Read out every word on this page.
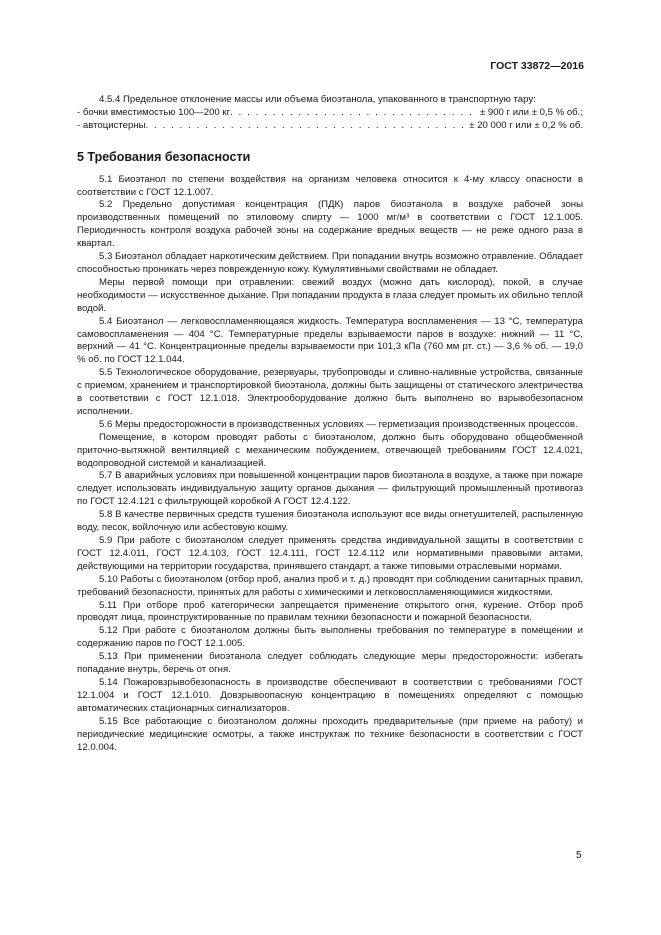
ГОСТ 33872—2016

4.5.4 Предельное отклонение массы или объема биоэтанола, упакованного в транспортную тару:

- бочки вместимостью 100—200 кг . . .	± 900 г или ± 0,5 % об.;
- автоцистерны . . .	± 20 000 г или ± 0,2 % об.
5 Требования безопасности

5.1 Биоэтанол по степени воздействия на организм человека относится к 4-му классу опасности в соответствии с ГОСТ 12.1.007.

5.2 Предельно допустимая концентрация (ПДК) паров биоэтанола в воздухе рабочей зоны производственных помещений по этиловому спирту — 1000 мг/м³ в соответствии с ГОСТ 12.1.005. Периодичность контроля воздуха рабочей зоны на содержание вредных веществ — не реже одного раза в квартал.

5.3 Биоэтанол обладает наркотическим действием. При попадании внутрь возможно отравление. Обладает способностью проникать через поврежденную кожу. Кумулятивными свойствами не обладает.

Меры первой помощи при отравлении: свежий воздух (можно дать кислород), покой, в случае необходимости — искусственное дыхание. При попадании продукта в глаза следует промыть их обильно теплой водой.

5.4 Биоэтанол — легковоспламеняющаяся жидкость. Температура воспламенения — 13 °С, температура самовоспламенения — 404 °С. Температурные пределы взрываемости паров в воздухе: нижний — 11 °С, верхний — 41 °С. Концентрационные пределы взрываемости при 101,3 кПа (760 мм рт. ст.) — 3,6 % об. — 19,0 % об. по ГОСТ 12.1.044.

5.5 Технологическое оборудование, резервуары, трубопроводы и сливно-наливные устройства, связанные с приемом, хранением и транспортировкой биоэтанола, должны быть защищены от статического электричества в соответствии с ГОСТ 12.1.018. Электрооборудование должно быть выполнено во взрывобезопасном исполнении.

5.6 Меры предосторожности в производственных условиях — герметизация производственных процессов.

Помещение, в котором проводят работы с биоэтанолом, должно быть оборудовано общеобменной приточно-вытяжной вентиляцией с механическим побуждением, отвечающей требованиям ГОСТ 12.4.021, водопроводной системой и канализацией.

5.7 В аварийных условиях при повышенной концентрации паров биоэтанола в воздухе, а также при пожаре следует использовать индивидуальную защиту органов дыхания — фильтрующий промышленный противогаз по ГОСТ 12.4.121 с фильтрующей коробкой А ГОСТ 12.4.122.

5.8 В качестве первичных средств тушения биоэтанола используют все виды огнетушителей, распыленную воду, песок, войлочную или асбестовую кошму.

5.9 При работе с биоэтанолом следует применять средства индивидуальной защиты в соответствии с ГОСТ 12.4.011, ГОСТ 12.4.103, ГОСТ 12.4.111, ГОСТ 12.4.112 или нормативными правовыми актами, действующими на территории государства, принявшего стандарт, а также типовыми отраслевыми нормами.

5.10 Работы с биоэтанолом (отбор проб, анализ проб и т. д.) проводят при соблюдении санитарных правил, требований безопасности, принятых для работы с химическими и легковоспламеняющимися жидкостями.

5.11 При отборе проб категорически запрещается применение открытого огня, курение. Отбор проб проводят лица, проинструктированные по правилам техники безопасности и пожарной безопасности.

5.12 При работе с биоэтанолом должны быть выполнены требования по температуре в помещении и содержанию паров по ГОСТ 12.1.005.

5.13 При применении биоэтанола следует соблюдать следующие меры предосторожности: избегать попадание внутрь, беречь от огня.

5.14 Пожаровзрывобезопасность в производстве обеспечивают в соответствии с требованиями ГОСТ 12.1.004 и ГОСТ 12.1.010. Довзрывоопасную концентрацию в помещениях определяют с помощью автоматических стационарных сигнализаторов.

5.15 Все работающие с биоэтанолом должны проходить предварительные (при приеме на работу) и периодические медицинские осмотры, а также инструктаж по технике безопасности в соответствии с ГОСТ 12.0.004.

5
